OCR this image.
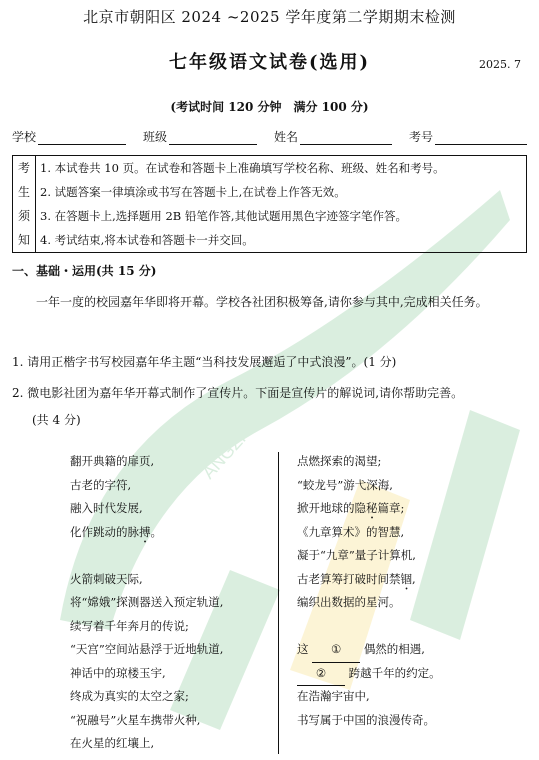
ANGZHONGKAO
北京市朝阳区 2024 ~2025 学年度第二学期期末检测
七年级语文试卷(选用)	2025. 7
(考试时间 120 分钟　满分 100 分)
学校	班级	姓名	考号
考
生
须
知

1. 本试卷共 10 页。在试卷和答题卡上准确填写学校名称、班级、姓名和考号。
2. 试题答案一律填涂或书写在答题卡上,在试卷上作答无效。
3. 在答题卡上,选择题用 2B 铅笔作答,其他试题用黑色字迹签字笔作答。
4. 考试结束,将本试卷和答题卡一并交回。
一、基础・运用(共 15 分)
一年一度的校园嘉年华即将开幕。学校各社团积极筹备,请你参与其中,完成相关任务。
1. 请用正楷字书写校园嘉年华主题“当科技发展邂逅了中式浪漫”。(1 分)
2. 微电影社团为嘉年华开幕式制作了宣传片。下面是宣传片的解说词,请你帮助完善。
(共 4 分)
翻开典籍的扉页,
古老的字符,
融入时代发展,
化作跳动的脉搏。
火箭刺破天际,
将“嫦娥”探测器送入预定轨道,
续写着千年奔月的传说;
“天宫”空间站悬浮于近地轨道,
神话中的琼楼玉宇,
终成为真实的太空之家;
“祝融号”火星车携带火种,
在火星的红壤上,
点燃探索的渴望;
“蛟龙号”游弋深海,
掀开地球的隐秘篇章;
《九章算术》的智慧,
凝于“九章”量子计算机,
古老算筹打破时间禁锢,
编织出数据的星河。
这 ① 偶然的相遇,
② 跨越千年的约定。
在浩瀚宇宙中,
书写属于中国的浪漫传奇。
